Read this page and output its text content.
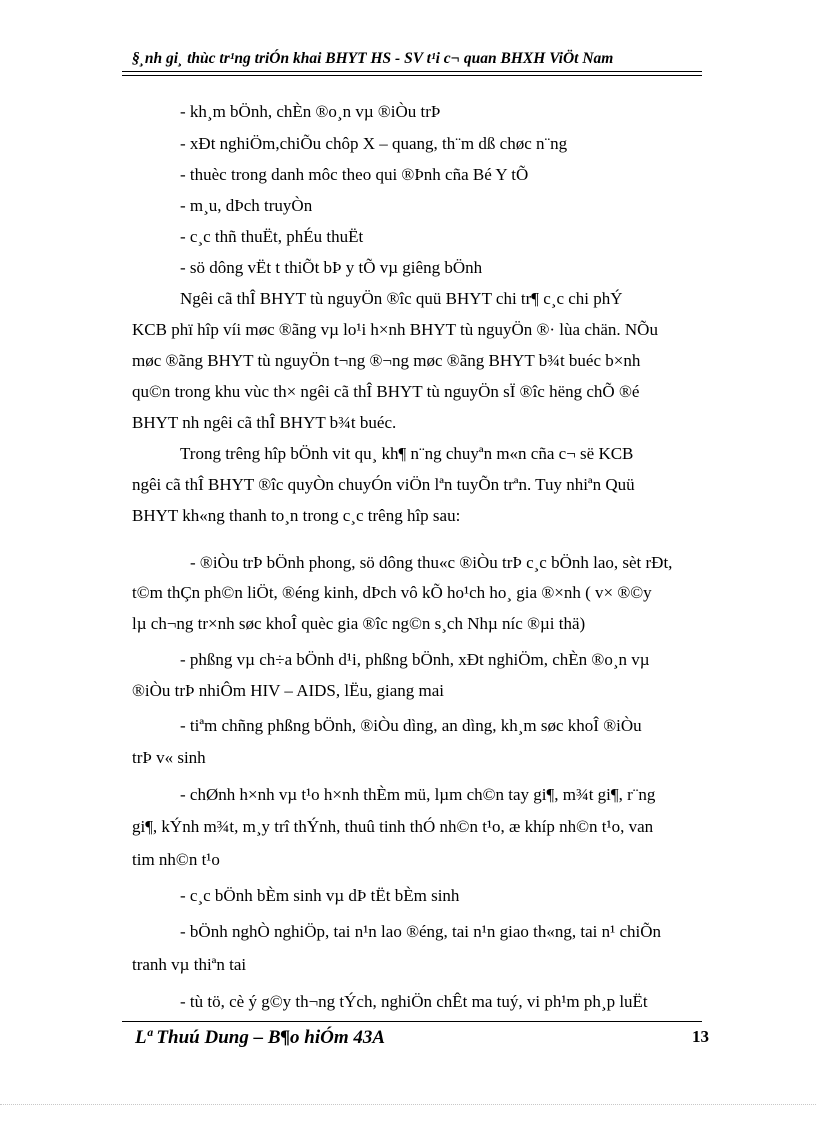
§¸nh gi¸ thùc tr¹ng triÓn khai BHYT HS - SV t¹i c¬ quan BHXH ViÖt Nam
- kh¸m bÖnh, chÈn ®o¸n vµ ®iÒu trÞ
- xÐt nghiÖm,chiÕu chôp X – quang, th¨m dß chøc n¨ng
- thuèc trong danh môc theo qui ®Þnh cña Bé Y tÕ
- m¸u, dÞch truyÒn
- c¸c thñ thuËt, phÉu thuËt
- sö dông vËt t thiÕt bÞ y tÕ vµ giêng bÖnh
Ngêi cã thÎ BHYT tù nguyÖn ®îc quü BHYT chi tr¶ c¸c chi phÝ
KCB phï hîp víi møc ®ãng vµ lo¹i h×nh BHYT tù nguyÖn ®· lùa chän. NÕu
møc ®ãng BHYT tù nguyÖn t¬ng ®¬ng møc ®ãng BHYT b¾t buéc b×nh
qu©n trong khu vùc th× ngêi cã thÎ BHYT tù nguyÖn sÏ ®îc hëng chÕ ®é
BHYT nh ngêi cã thÎ BHYT b¾t buéc.
Trong trêng hîp bÖnh vit qu¸ kh¶ n¨ng chuyªn m«n cña c¬ së KCB
ngêi cã thÎ BHYT ®îc quyÒn chuyÓn viÖn lªn tuyÕn trªn. Tuy nhiªn Quü
BHYT kh«ng thanh to¸n trong c¸c trêng hîp sau:
- ®iÒu trÞ bÖnh phong, sö dông thu«c ®iÒu trÞ c¸c bÖnh lao, sèt rÐt,
t©m thÇn ph©n liÖt, ®éng kinh, dÞch vô kÕ ho¹ch ho¸ gia ®×nh ( v× ®©y
lµ ch¬ng tr×nh søc khoÎ quèc gia ®îc ng©n s¸ch Nhµ níc ®µi thä)
- phßng vµ ch÷a bÖnh d¹i, phßng bÖnh, xÐt nghiÖm, chÈn ®o¸n vµ
®iÒu trÞ nhiÔm HIV – AIDS, lËu, giang mai
- tiªm chñng phßng bÖnh, ®iÒu dìng, an dìng, kh¸m søc khoÎ ®iÒu
trÞ v« sinh
- chØnh h×nh vµ t¹o h×nh thÈm mü, lµm ch©n tay gi¶, m¾t gi¶, r¨ng
gi¶, kÝnh m¾t, m¸y trî thÝnh, thuû tinh thÓ nh©n t¹o, æ khíp nh©n t¹o, van
tim nh©n t¹o
- c¸c bÖnh bÈm sinh vµ dÞ tËt bÈm sinh
- bÖnh nghÒ nghiÖp, tai n¹n lao ®éng, tai n¹n giao th«ng, tai n¹ chiÕn
tranh vµ thiªn tai
- tù tö, cè ý g©y th¬ng tÝch, nghiÖn chÊt ma tuý, vi ph¹m ph¸p luËt
Lª Thuú Dung – B¶o hiÓm 43A	13
